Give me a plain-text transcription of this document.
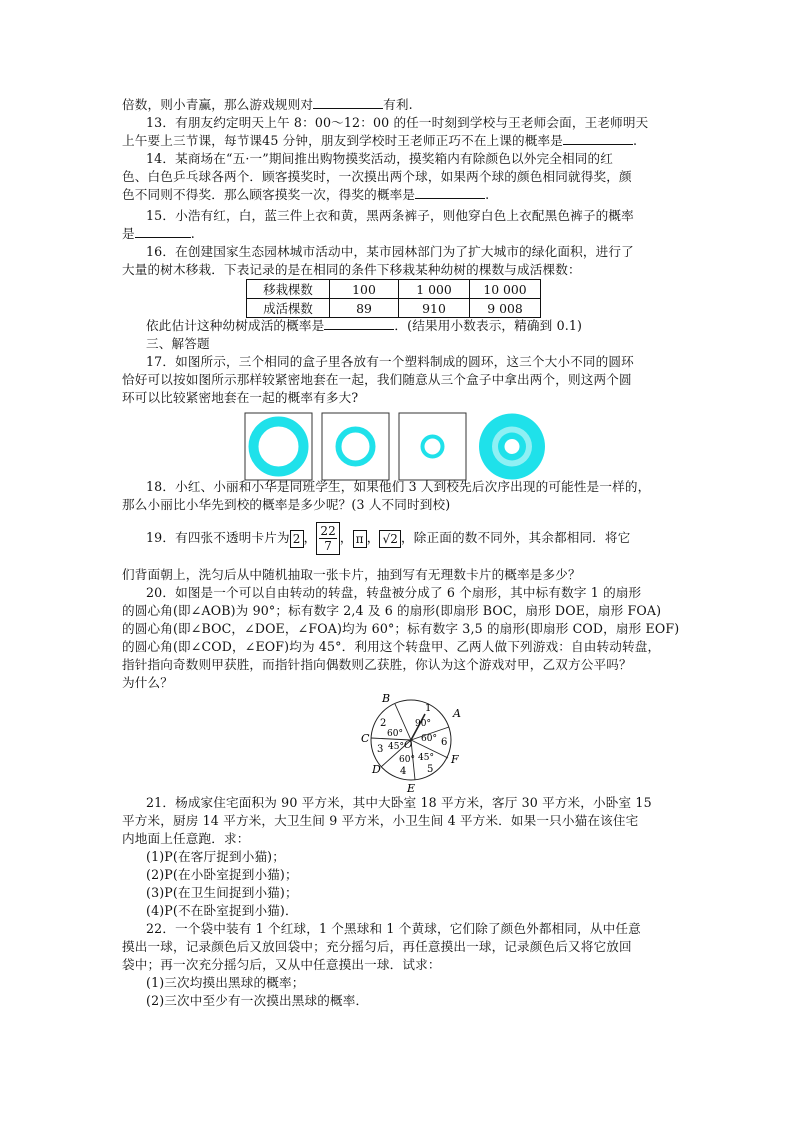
倍数，则小青赢，那么游戏规则对	有利.
13．有朋友约定明天上午 8：00～12：00 的任一时刻到学校与王老师会面，王老师明天
上午要上三节课，每节课45 分钟，朋友到学校时王老师正巧不在上课的概率是	.
14．某商场在“五·一”期间推出购物摸奖活动，摸奖箱内有除颜色以外完全相同的红
色、白色乒乓球各两个．顾客摸奖时，一次摸出两个球，如果两个球的颜色相同就得奖，颜
色不同则不得奖．那么顾客摸奖一次，得奖的概率是	.
15．小浩有红，白，蓝三件上衣和黄，黑两条裤子，则他穿白色上衣配黑色裤子的概率
是	.
16．在创建国家生态园林城市活动中，某市园林部门为了扩大城市的绿化面积，进行了
大量的树木移栽．下表记录的是在相同的条件下移栽某种幼树的棵数与成活棵数：
移栽棵数	100	1 000	10 000
成活棵数	89	910	9 008
依此估计这种幼树成活的概率是	．(结果用小数表示，精确到 0.1)
三、解答题
17．如图所示，三个相同的盒子里各放有一个塑料制成的圆环，这三个大小不同的圆环
恰好可以按如图所示那样较紧密地套在一起，我们随意从三个盒子中拿出两个，则这两个圆
环可以比较紧密地套在一起的概率有多大?
18．小红、小丽和小华是同班学生，如果他们 3 人到校先后次序出现的可能性是一样的，
那么小丽比小华先到校的概率是多少呢？(3 人不同时到校)
19．有四张不透明卡片为 2 ， $\frac{22}{7}$ ， π ， √2 ，除正面的数不同外，其余都相同．将它
们背面朝上，洗匀后从中随机抽取一张卡片，抽到写有无理数卡片的概率是多少？
20．如图是一个可以自由转动的转盘，转盘被分成了 6 个扇形，其中标有数字 1 的扇形
的圆心角(即∠AOB)为 90°；标有数字 2,4 及 6 的扇形(即扇形 BOC，扇形 DOE，扇形 FOA)
的圆心角(即∠BOC，∠DOE，∠FOA)均为 60°；标有数字 3,5 的扇形(即扇形 COD，扇形 EOF)
的圆心角(即∠COD，∠EOF)均为 45°．利用这个转盘甲、乙两人做下列游戏：自由转动转盘，
指针指向奇数则甲获胜，而指针指向偶数则乙获胜，你认为这个游戏对甲，乙双方公平吗？
为什么？
A
B
C
D
E
F
O
1
2
3
4 5
6
90°
60° 60°
45°
60° 45°
21．杨成家住宅面积为 90 平方米，其中大卧室 18 平方米，客厅 30 平方米，小卧室 15
平方米，厨房 14 平方米，大卫生间 9 平方米，小卫生间 4 平方米．如果一只小猫在该住宅
内地面上任意跑．求：
(1)P(在客厅捉到小猫)；
(2)P(在小卧室捉到小猫)；
(3)P(在卫生间捉到小猫)；
(4)P(不在卧室捉到小猫)．
22．一个袋中装有 1 个红球，1 个黑球和 1 个黄球，它们除了颜色外都相同，从中任意
摸出一球，记录颜色后又放回袋中；充分摇匀后，再任意摸出一球，记录颜色后又将它放回
袋中；再一次充分摇匀后，又从中任意摸出一球．试求：
(1)三次均摸出黑球的概率；
(2)三次中至少有一次摸出黑球的概率．
